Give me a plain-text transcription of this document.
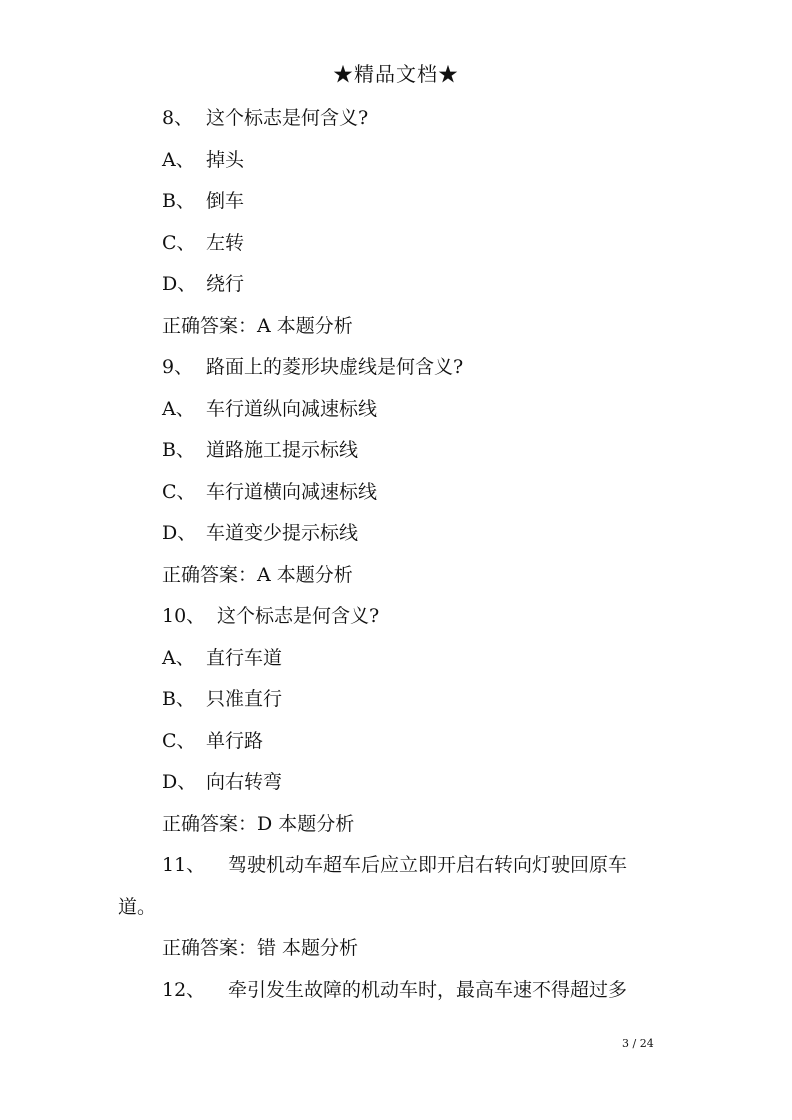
★精品文档★
8、 这个标志是何含义?
A、 掉头
B、 倒车
C、 左转
D、 绕行
正确答案：A 本题分析
9、 路面上的菱形块虚线是何含义?
A、 车行道纵向减速标线
B、 道路施工提示标线
C、 车行道横向减速标线
D、 车道变少提示标线
正确答案：A 本题分析
10、 这个标志是何含义?
A、 直行车道
B、 只准直行
C、 单行路
D、 向右转弯
正确答案：D 本题分析
11、 驾驶机动车超车后应立即开启右转向灯驶回原车
道。
正确答案：错 本题分析
12、 牵引发生故障的机动车时，最高车速不得超过多
3 / 24
